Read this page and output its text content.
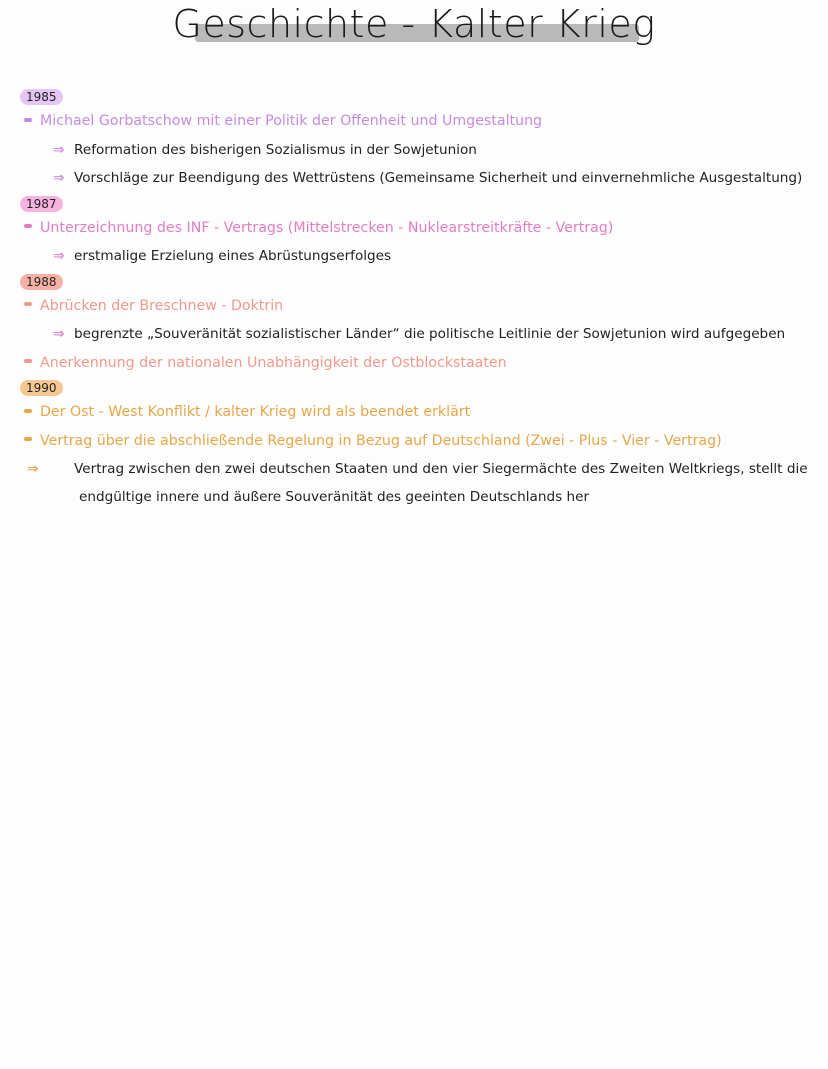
Geschichte - Kalter Krieg
1985
Michael Gorbatschow mit einer Politik der Offenheit und Umgestaltung
⇒ Reformation des bisherigen Sozialismus in der Sowjetunion
⇒ Vorschläge zur Beendigung des Wettrüstens (Gemeinsame Sicherheit und einvernehmliche Ausgestaltung)
1987
Unterzeichnung des INF - Vertrags (Mittelstrecken - Nuklearstreitkräfte - Vertrag)
⇒ erstmalige Erzielung eines Abrüstungserfolges
1988
Abrücken der Breschnew - Doktrin
⇒ begrenzte „Souveränität sozialistischer Länder“ die politische Leitlinie der Sowjetunion wird aufgegeben
Anerkennung der nationalen Unabhängigkeit der Ostblockstaaten
1990
Der Ost - West Konflikt / kalter Krieg wird als beendet erklärt
Vertrag über die abschließende Regelung in Bezug auf Deutschland (Zwei - Plus - Vier - Vertrag)
⇒	Vertrag zwischen den zwei deutschen Staaten und den vier Siegermächte des Zweiten Weltkriegs, stellt die endgültige innere und äußere Souveränität des geeinten Deutschlands her
